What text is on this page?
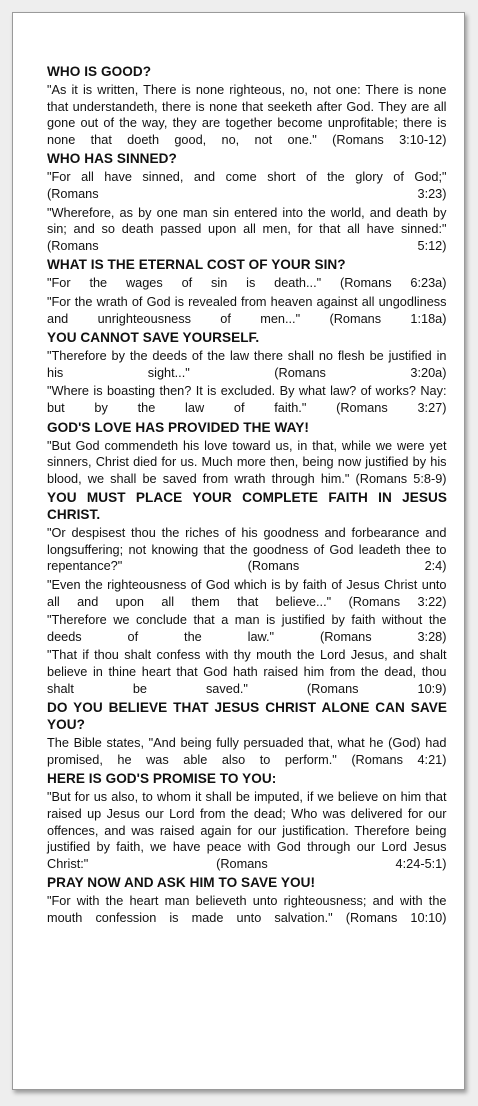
WHO IS GOOD?

"As it is written, There is none righteous, no, not one: There is none that understandeth, there is none that seeketh after God. They are all gone out of the way, they are together become unprofitable; there is none that doeth good, no, not one." (Romans 3:10-12)

WHO HAS SINNED?

"For all have sinned, and come short of the glory of God;" (Romans 3:23)

"Wherefore, as by one man sin entered into the world, and death by sin; and so death passed upon all men, for that all have sinned:" (Romans 5:12)

WHAT IS THE ETERNAL COST OF YOUR SIN?

"For the wages of sin is death..." (Romans 6:23a)

"For the wrath of God is revealed from heaven against all ungodliness and unrighteousness of men..." (Romans 1:18a)

YOU CANNOT SAVE YOURSELF.

"Therefore by the deeds of the law there shall no flesh be justified in his sight..."	(Romans 3:20a)

"Where is boasting then? It is excluded. By what law? of works? Nay: but by the law of faith." (Romans 3:27)

GOD'S LOVE HAS PROVIDED THE WAY!

"But God commendeth his love toward us, in that, while we were yet sinners, Christ died for us. Much more then, being now justified by his blood, we shall be saved from wrath through him." (Romans 5:8-9)

YOU MUST PLACE YOUR COMPLETE FAITH IN JESUS CHRIST.

"Or despisest thou the riches of his goodness and forbearance and longsuffering; not knowing that the goodness of God leadeth thee to repentance?"	(Romans 2:4)

"Even the righteousness of God which is by faith of Jesus Christ unto all and upon all them that believe..." (Romans 3:22)

"Therefore we conclude that a man is justified by faith without the deeds of the law."	(Romans 3:28)

"That if thou shalt confess with thy mouth the Lord Jesus, and shalt believe in thine heart that God hath raised him from the dead, thou shalt be saved."	(Romans 10:9)

DO YOU BELIEVE THAT JESUS CHRIST ALONE CAN SAVE YOU?

The Bible states, "And being fully persuaded that, what he (God) had promised, he was able also to perform." (Romans 4:21)

HERE IS GOD'S PROMISE TO YOU:

"But for us also, to whom it shall be imputed, if we believe on him that raised up Jesus our Lord from the dead; Who was delivered for our offences, and was raised again for our justification. Therefore being justified by faith, we have peace with God through our Lord Jesus Christ:"	(Romans 4:24-5:1)

PRAY NOW AND ASK HIM TO SAVE YOU!

"For with the heart man believeth unto righteousness; and with the mouth confession is made unto salvation." (Romans 10:10)
